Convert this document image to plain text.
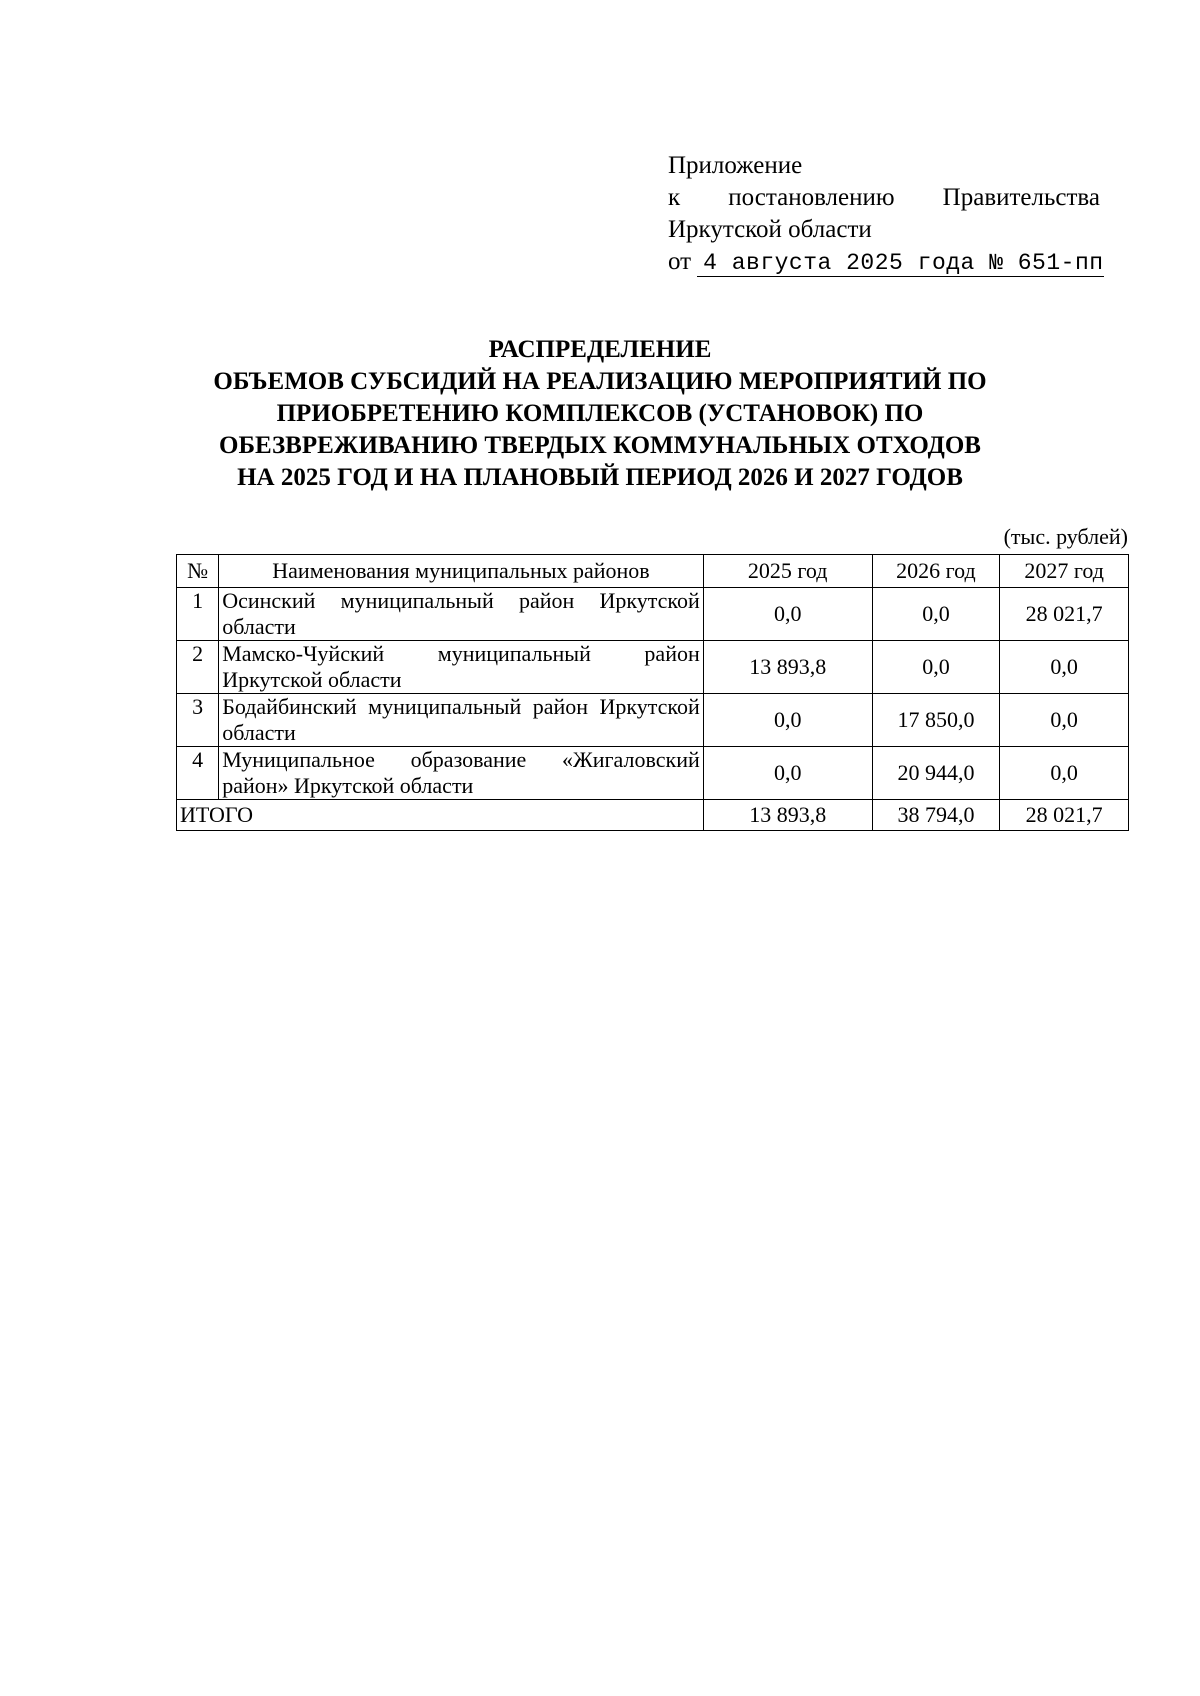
Приложение
к постановлению Правительства
Иркутской области
от 4 августа 2025 года № 651-пп
РАСПРЕДЕЛЕНИЕ
ОБЪЕМОВ СУБСИДИЙ НА РЕАЛИЗАЦИЮ МЕРОПРИЯТИЙ ПО
ПРИОБРЕТЕНИЮ КОМПЛЕКСОВ (УСТАНОВОК) ПО
ОБЕЗВРЕЖИВАНИЮ ТВЕРДЫХ КОММУНАЛЬНЫХ ОТХОДОВ
НА 2025 ГОД И НА ПЛАНОВЫЙ ПЕРИОД 2026 И 2027 ГОДОВ
(тыс. рублей)
№	Наименования муниципальных районов	2025 год	2026 год	2027 год
1	Осинский муниципальный район Иркутской области	0,0	0,0	28 021,7
2	Мамско-Чуйский муниципальный район Иркутской области	13 893,8	0,0	0,0
3	Бодайбинский муниципальный район Иркутской области	0,0	17 850,0	0,0
4	Муниципальное образование «Жигаловский район» Иркутской области	0,0	20 944,0	0,0
ИТОГО		13 893,8	38 794,0	28 021,7
